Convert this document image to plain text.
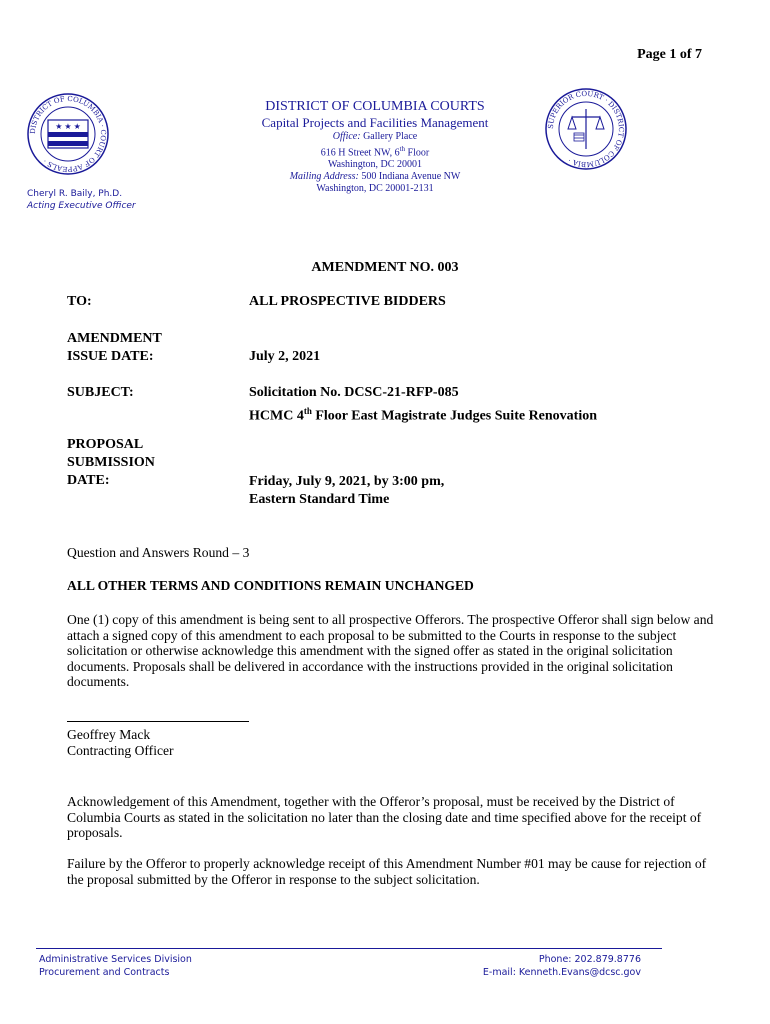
Page 1 of 7
DISTRICT OF COLUMBIA · COURT OF APPEALS ·
★ ★ ★	SUPERIOR COURT · DISTRICT OF COLUMBIA ·
DISTRICT OF COLUMBIA COURTS
Capital Projects and Facilities Management
Office: Gallery Place
616 H Street NW, 6th Floor
Washington, DC 20001
Mailing Address: 500 Indiana Avenue NW
Washington, DC 20001-2131
Cheryl R. Baily, Ph.D.
Acting Executive Officer
AMENDMENT NO. 003
TO:	ALL PROSPECTIVE BIDDERS
AMENDMENT
ISSUE DATE:	July 2, 2021
SUBJECT:	Solicitation No. DCSC-21-RFP-085
HCMC 4th Floor East Magistrate Judges Suite Renovation
PROPOSAL
SUBMISSION
DATE:	Friday, July 9, 2021, by 3:00 pm,
Eastern Standard Time
Question and Answers Round – 3
ALL OTHER TERMS AND CONDITIONS REMAIN UNCHANGED
One (1) copy of this amendment is being sent to all prospective Offerors. The prospective Offeror shall sign below and attach a signed copy of this amendment to each proposal to be submitted to the Courts in response to the subject solicitation or otherwise acknowledge this amendment with the signed offer as stated in the original solicitation documents. Proposals shall be delivered in accordance with the instructions provided in the original solicitation documents.
Geoffrey Mack
Contracting Officer
Acknowledgement of this Amendment, together with the Offeror’s proposal, must be received by the District of Columbia Courts as stated in the solicitation no later than the closing date and time specified above for the receipt of proposals.
Failure by the Offeror to properly acknowledge receipt of this Amendment Number #01 may be cause for rejection of the proposal submitted by the Offeror in response to the subject solicitation.
Administrative Services Division
Procurement and Contracts
Phone: 202.879.8776
E-mail: Kenneth.Evans@dcsc.gov
